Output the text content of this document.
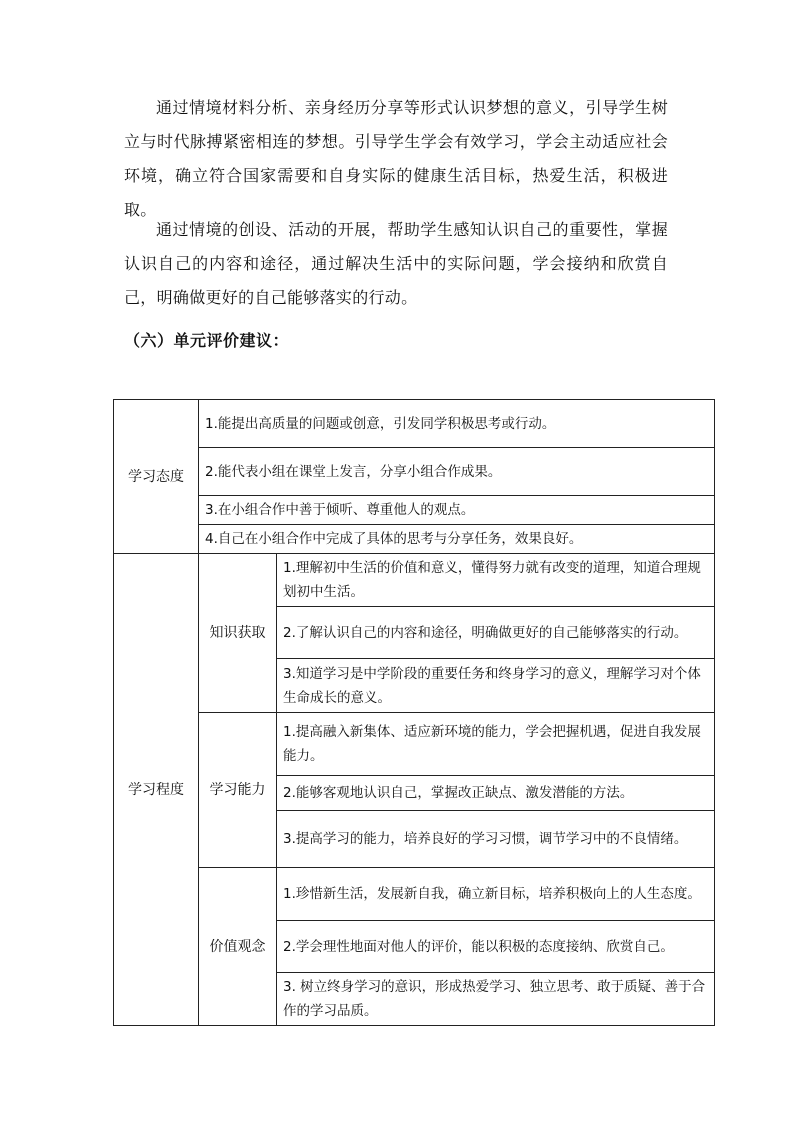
通过情境材料分析、亲身经历分享等形式认识梦想的意义，引导学生树立与时代脉搏紧密相连的梦想。引导学生学会有效学习，学会主动适应社会环境，确立符合国家需要和自身实际的健康生活目标，热爱生活，积极进取。

通过情境的创设、活动的开展，帮助学生感知认识自己的重要性，掌握认识自己的内容和途径，通过解决生活中的实际问题，学会接纳和欣赏自己，明确做更好的自己能够落实的行动。

（六）单元评价建议：

学习态度	1.能提出高质量的问题或创意，引发同学积极思考或行动。	
	2.能代表小组在课堂上发言，分享小组合作成果。	
	3.在小组合作中善于倾听、尊重他人的观点。	
	4.自己在小组合作中完成了具体的思考与分享任务，效果良好。	
学习程度	知识获取	1.理解初中生活的价值和意义，懂得努力就有改变的道理，知道合理规划初中生活。
		2.了解认识自己的内容和途径，明确做更好的自己能够落实的行动。
		3.知道学习是中学阶段的重要任务和终身学习的意义，理解学习对个体生命成长的意义。
	学习能力	1.提高融入新集体、适应新环境的能力，学会把握机遇，促进自我发展能力。
		2.能够客观地认识自己，掌握改正缺点、激发潜能的方法。
		3.提高学习的能力，培养良好的学习习惯，调节学习中的不良情绪。
	价值观念	1.珍惜新生活，发展新自我，确立新目标，培养积极向上的人生态度。
		2.学会理性地面对他人的评价，能以积极的态度接纳、欣赏自己。
		3. 树立终身学习的意识，形成热爱学习、独立思考、敢于质疑、善于合作的学习品质。
